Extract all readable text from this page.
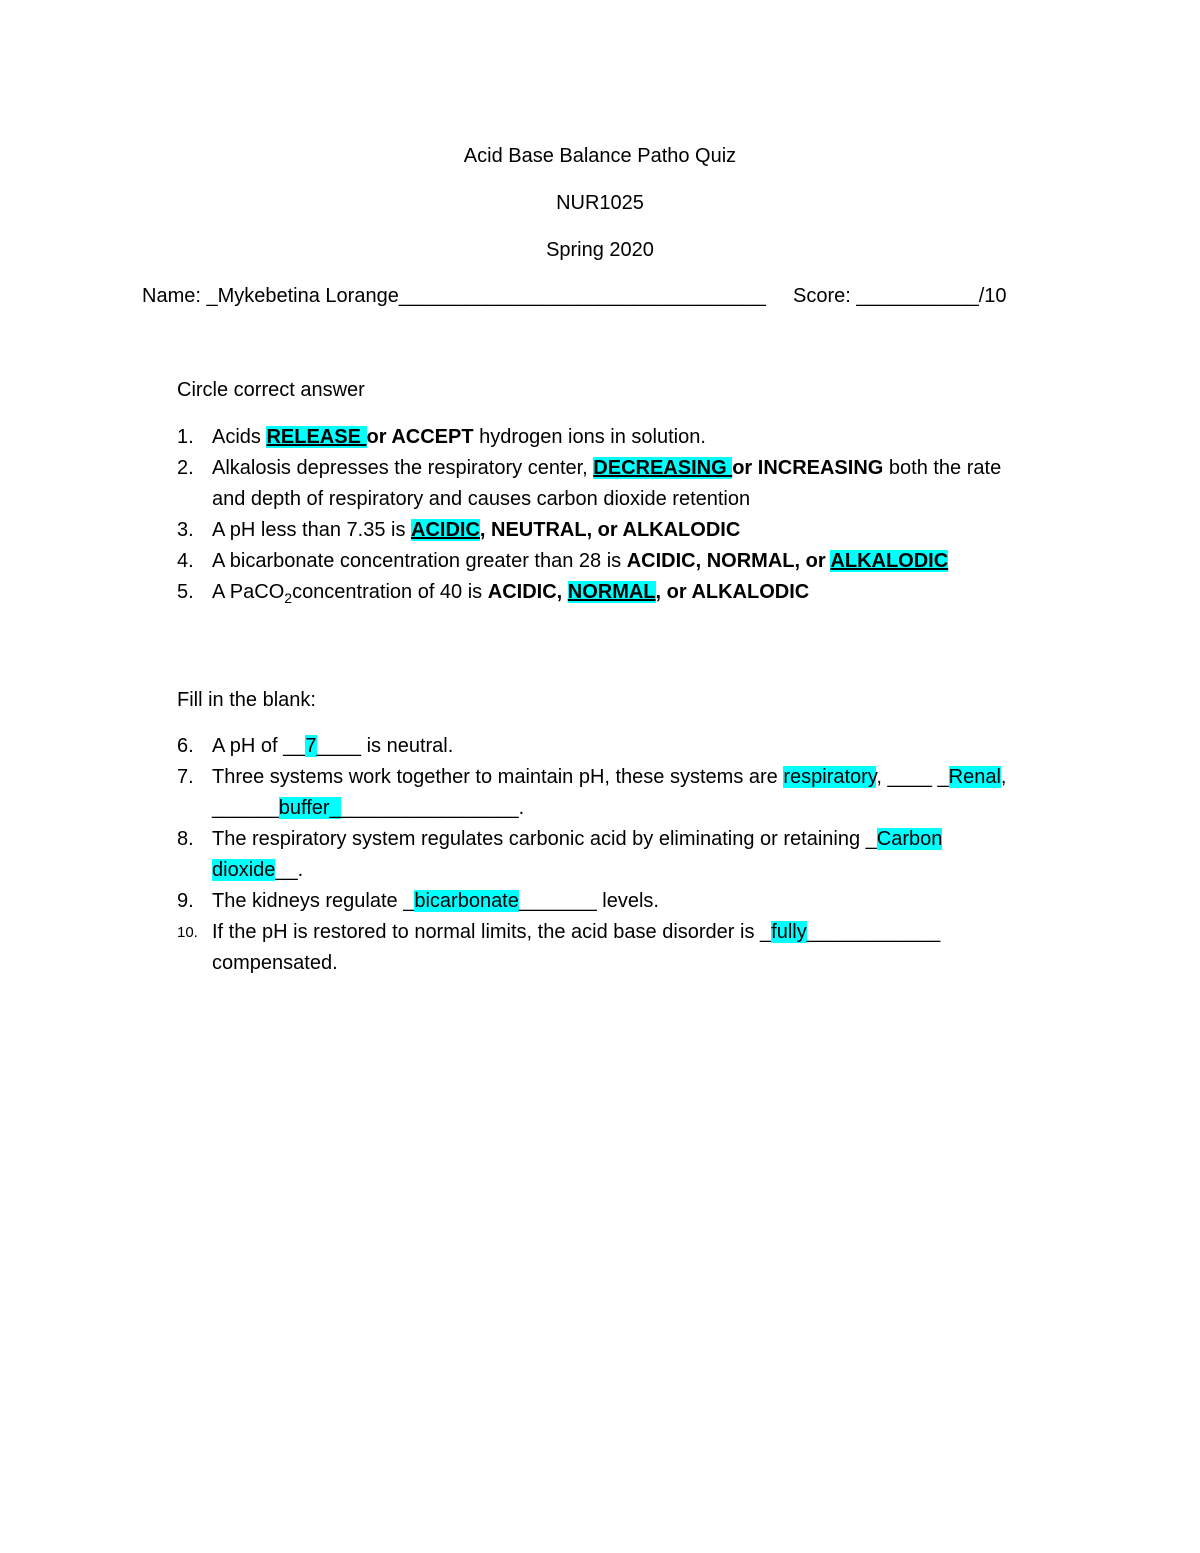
Acid Base Balance Patho Quiz
NUR1025
Spring 2020
Name: _Mykebetina Lorange_________________________________ Score: ___________/10
Circle correct answer
1. Acids RELEASE or ACCEPT hydrogen ions in solution.
2. Alkalosis depresses the respiratory center, DECREASING or INCREASING both the rate and depth of respiratory and causes carbon dioxide retention
3. A pH less than 7.35 is ACIDIC, NEUTRAL, or ALKALODIC
4. A bicarbonate concentration greater than 28 is ACIDIC, NORMAL, or ALKALODIC
5. A PaCO$_2$concentration of 40 is ACIDIC, NORMAL, or ALKALODIC
Fill in the blank:
6. A pH of __7____ is neutral.
7. Three systems work together to maintain pH, these systems are respiratory, ____ _Renal, ______buffer_________________.
8. The respiratory system regulates carbonic acid by eliminating or retaining _Carbon dioxide__.
9. The kidneys regulate _bicarbonate_______ levels.
10. If the pH is restored to normal limits, the acid base disorder is _fully____________ compensated.
